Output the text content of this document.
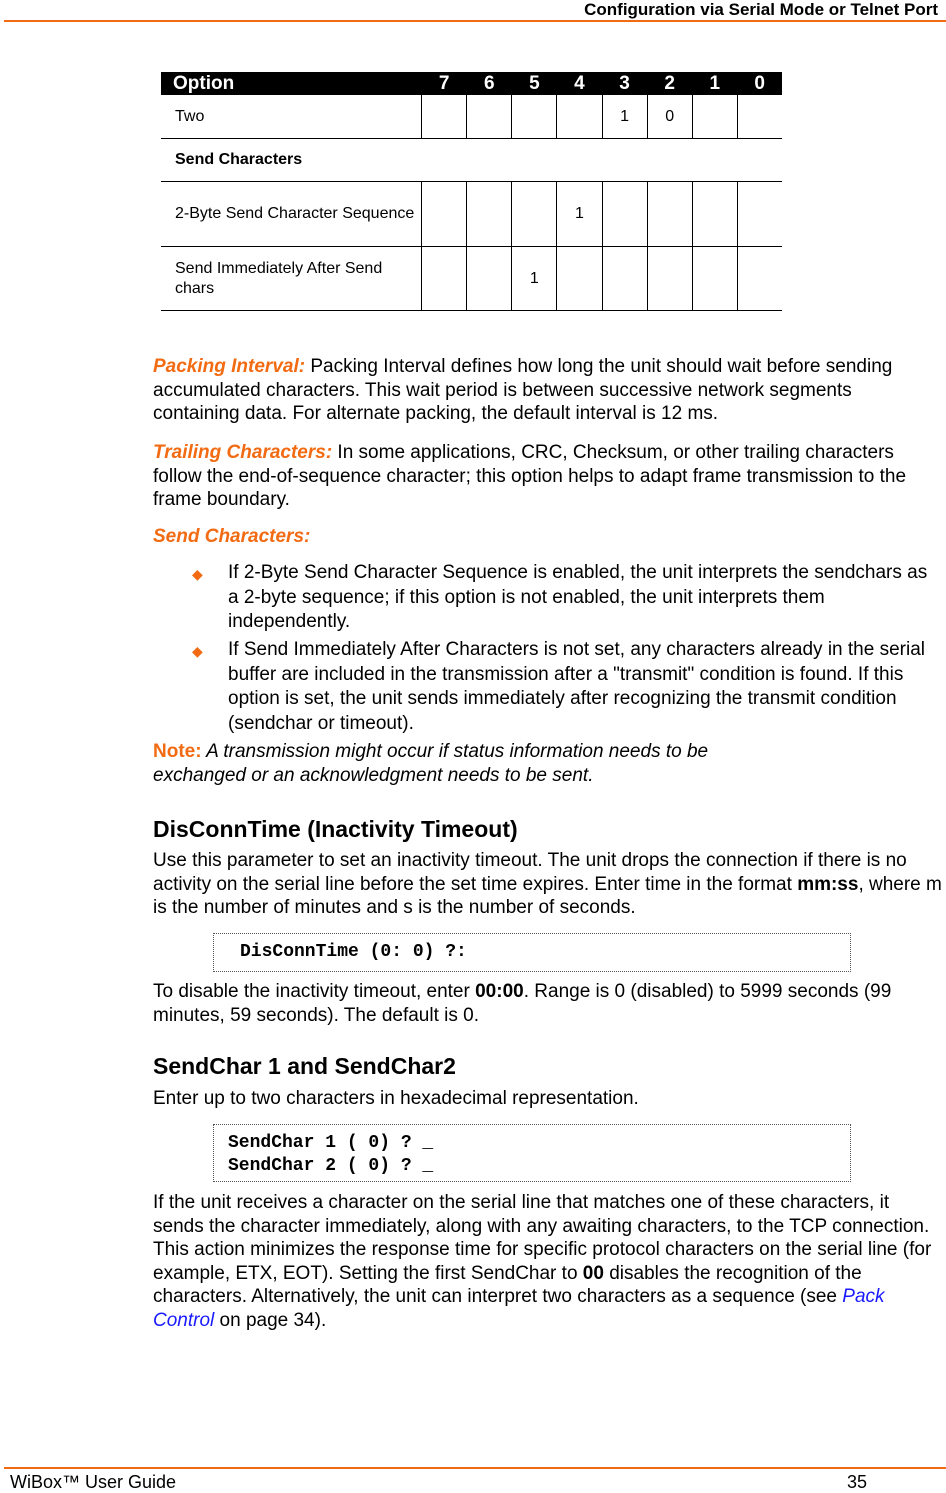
Configuration via Serial Mode or Telnet Port
Option	7	6	5	4	3	2	1	0
Two					1	0		
Send Characters								
2-Byte Send Character Sequence				1				
Send Immediately After Send chars			1					
Packing Interval: Packing Interval defines how long the unit should wait before sending accumulated characters. This wait period is between successive network segments containing data. For alternate packing, the default interval is 12 ms.
Trailing Characters: In some applications, CRC, Checksum, or other trailing characters follow the end-of-sequence character; this option helps to adapt frame transmission to the frame boundary.
Send Characters:
◆ If 2-Byte Send Character Sequence is enabled, the unit interprets the sendchars as a 2-byte sequence; if this option is not enabled, the unit interprets them independently.
◆ If Send Immediately After Characters is not set, any characters already in the serial buffer are included in the transmission after a "transmit" condition is found. If this option is set, the unit sends immediately after recognizing the transmit condition (sendchar or timeout).
Note: A transmission might occur if status information needs to be
exchanged or an acknowledgment needs to be sent.
DisConnTime (Inactivity Timeout)
Use this parameter to set an inactivity timeout. The unit drops the connection if there is no activity on the serial line before the set time expires. Enter time in the format mm:ss, where m is the number of minutes and s is the number of seconds.
DisConnTime (0: 0) ?:
To disable the inactivity timeout, enter 00:00. Range is 0 (disabled) to 5999 seconds (99 minutes, 59 seconds). The default is 0.
SendChar 1 and SendChar2
Enter up to two characters in hexadecimal representation.
SendChar 1 ( 0) ? _
SendChar 2 ( 0) ? _
If the unit receives a character on the serial line that matches one of these characters, it sends the character immediately, along with any awaiting characters, to the TCP connection. This action minimizes the response time for specific protocol characters on the serial line (for example, ETX, EOT). Setting the first SendChar to 00 disables the recognition of the characters. Alternatively, the unit can interpret two characters as a sequence (see Pack Control on page 34).
WiBox™ User Guide	35
